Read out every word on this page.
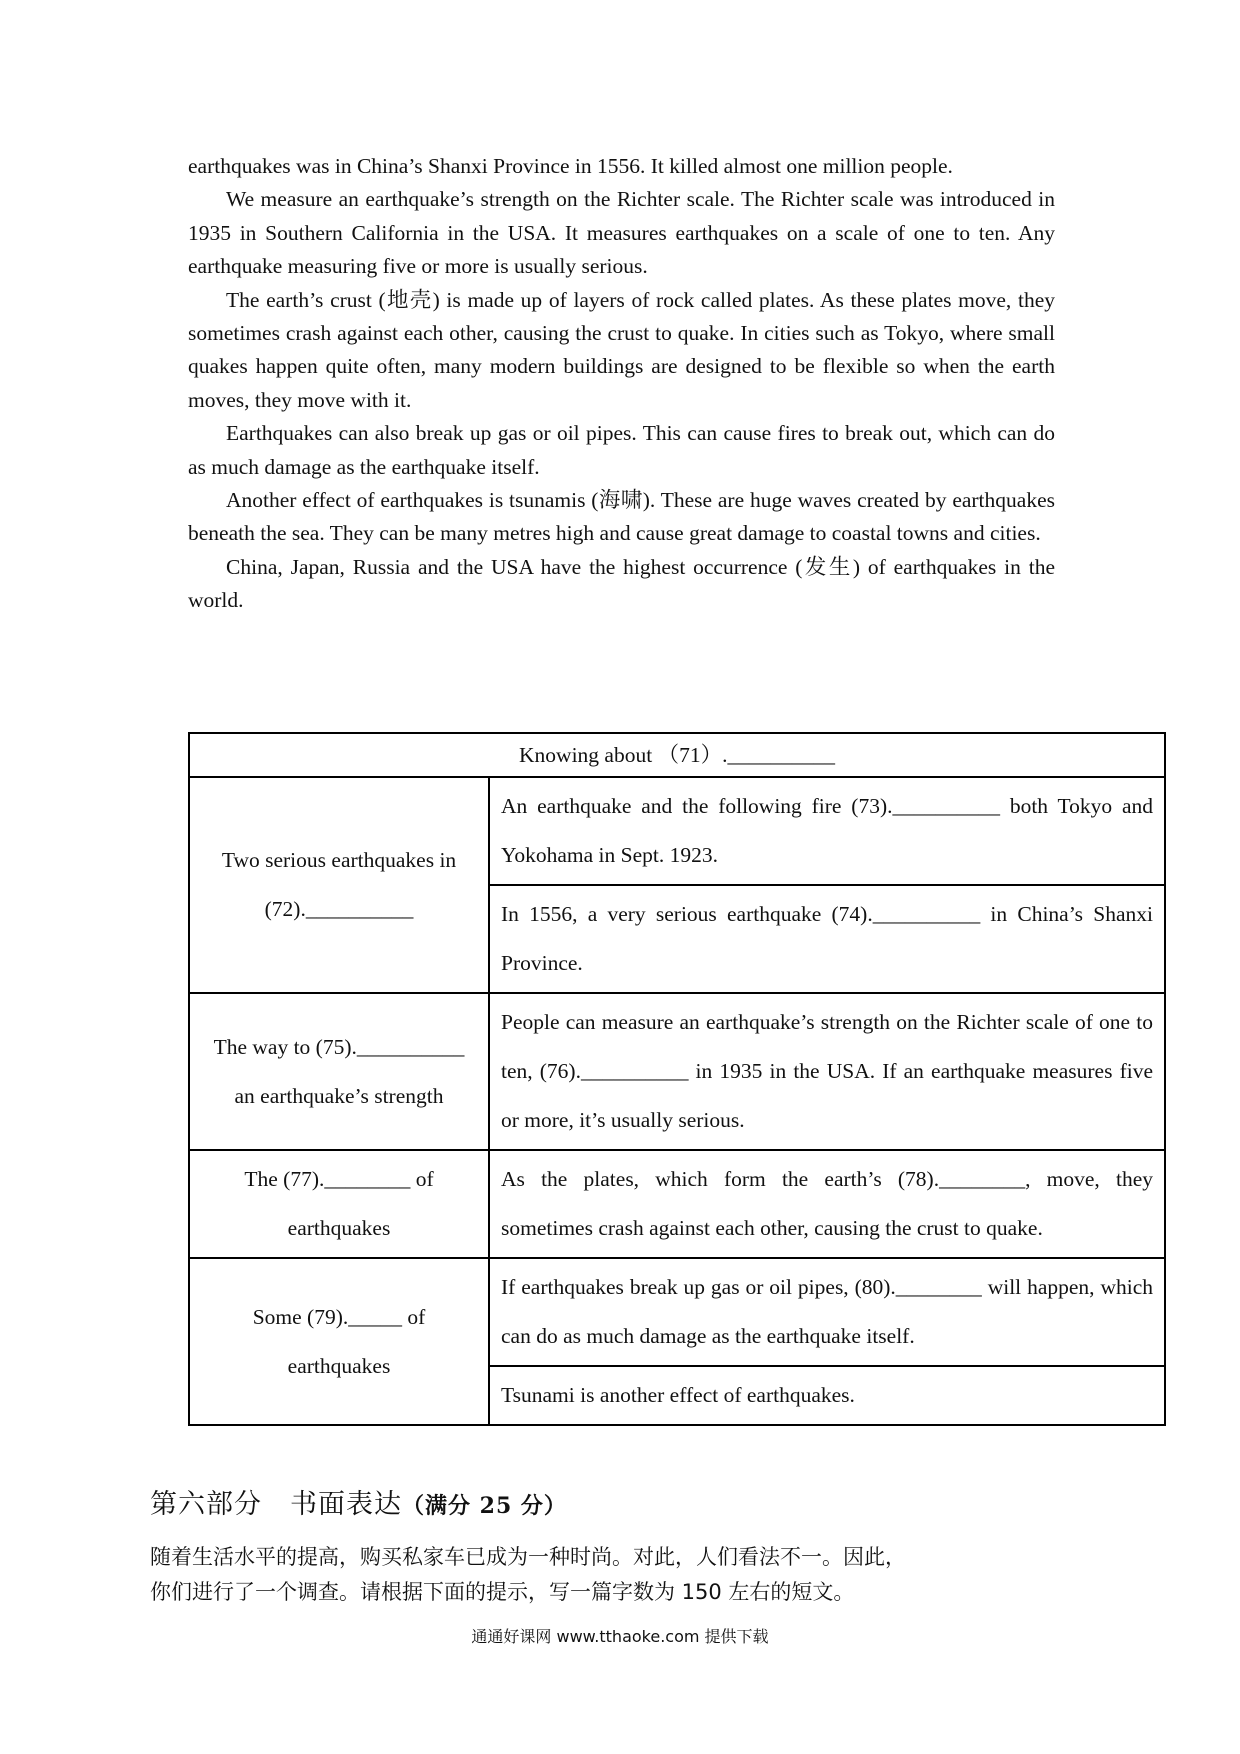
earthquakes was in China’s Shanxi Province in 1556. It killed almost one million people.

We measure an earthquake’s strength on the Richter scale. The Richter scale was introduced in 1935 in Southern California in the USA. It measures earthquakes on a scale of one to ten. Any earthquake measuring five or more is usually serious.

The earth’s crust (地壳) is made up of layers of rock called plates. As these plates move, they sometimes crash against each other, causing the crust to quake. In cities such as Tokyo, where small quakes happen quite often, many modern buildings are designed to be flexible so when the earth moves, they move with it.

Earthquakes can also break up gas or oil pipes. This can cause fires to break out, which can do as much damage as the earthquake itself.

Another effect of earthquakes is tsunamis (海啸). These are huge waves created by earthquakes beneath the sea. They can be many metres high and cause great damage to coastal towns and cities.

China, Japan, Russia and the USA have the highest occurrence (发生) of earthquakes in the world.

Knowing about （71）.__________	
Two serious earthquakes in (72).__________	An earthquake and the following fire (73).__________ both Tokyo and Yokohama in Sept. 1923.
	In 1556, a very serious earthquake (74).__________ in China’s Shanxi Province.
The way to (75).__________ an earthquake’s strength	People can measure an earthquake’s strength on the Richter scale of one to ten, (76).__________ in 1935 in the USA. If an earthquake measures five or more, it’s usually serious.
The (77).________ of earthquakes	As the plates, which form the earth’s (78).________, move, they sometimes crash against each other, causing the crust to quake.
Some (79)._____ of earthquakes	If earthquakes break up gas or oil pipes, (80).________ will happen, which can do as much damage as the earthquake itself.
	Tsunami is another effect of earthquakes.
第六部分　书面表达（满分 25 分）

随着生活水平的提高，购买私家车已成为一种时尚。对此，人们看法不一。因此，

你们进行了一个调查。请根据下面的提示，写一篇字数为 150 左右的短文。

通通好课网 www.tthaoke.com 提供下载
